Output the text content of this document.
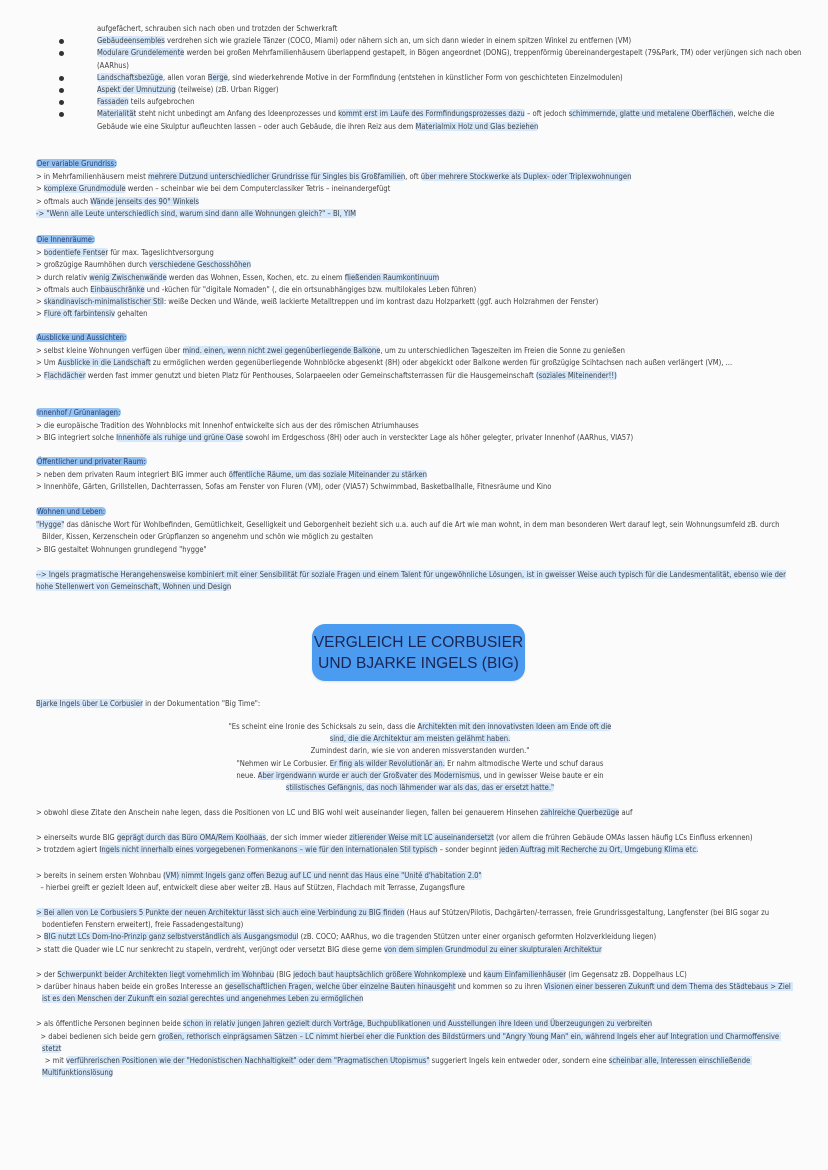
aufgefächert, schrauben sich nach oben und trotzden der Schwerkraft
Gebäudeensembles verdrehen sich wie graziele Tänzer (COCO, Miami) oder nähern sich an, um sich dann wieder in einem spitzen Winkel zu entfernen (VM)
Modulare Grundelemente werden bei großen Mehrfamilienhäusern überlappend gestapelt, in Bögen angeordnet (DONG), treppenförmig übereinandergestapelt (79&Park, TM) oder verjüngen sich nach oben (AARhus)
Landschaftsbezüge, allen voran Berge, sind wiederkehrende Motive in der Formfindung (entstehen in künstlicher Form von geschichteten Einzelmodulen)
Aspekt der Umnutzung (teilweise) (zB. Urban Rigger)
Fassaden teils aufgebrochen
Materialität steht nicht unbedingt am Anfang des Ideenprozesses und kommt erst im Laufe des Formfindungsprozesses dazu – oft jedoch schimmernde, glatte und metalene Oberflächen, welche die Gebäude wie eine Skulptur aufleuchten lassen – oder auch Gebäude, die ihren Reiz aus dem Materialmix Holz und Glas beziehen
Der variable Grundriss:
> in Mehrfamilienhäusern meist mehrere Dutzund unterschiedlicher Grundrisse für Singles bis Großfamilien, oft über mehrere Stockwerke als Duplex- oder Triplexwohnungen
> komplexe Grundmodule werden – scheinbar wie bei dem Computerclassiker Tetris – ineinandergefügt
> oftmals auch Wände jenseits des 90° Winkels
-> "Wenn alle Leute unterschiedlich sind, warum sind dann alle Wohnungen gleich?" – BI, YIM
Die Innenräume:
> bodentiefe Fentser für max. Tageslichtversorgung
> großzügige Raumhöhen durch verschiedene Geschosshöhen
> durch relativ wenig Zwischenwände werden das Wohnen, Essen, Kochen, etc. zu einem fließenden Raumkontinuum
> oftmals auch Einbauschränke und -küchen für "digitale Nomaden" (, die ein ortsunabhängiges bzw. multilokales Leben führen)
> skandinavisch-minimalistischer Stil: weiße Decken und Wände, weiß lackierte Metalltreppen und im kontrast dazu Holzparkett (ggf. auch Holzrahmen der Fenster)
> Flure oft farbintensiv gehalten
Ausblicke und Aussichten:
> selbst kleine Wohnungen verfügen über mind. einen, wenn nicht zwei gegenüberliegende Balkone, um zu unterschiedlichen Tageszeiten im Freien die Sonne zu genießen
> Um Ausblicke in die Landschaft zu ermöglichen werden gegenüberliegende Wohnblöcke abgesenkt (8H) oder abgekickt oder Balkone werden für großzügige Scihtachsen nach außen verlängert (VM), ...
> Flachdächer werden fast immer genutzt und bieten Platz für Penthouses, Solarpaeelen oder Gemeinschaftsterrassen für die Hausgemeinschaft (soziales Miteinender!!)
Innenhof / Grünanlagen:
> die europäische Tradition des Wohnblocks mit Innenhof entwickelte sich aus der des römischen Atriumhauses
> BIG integriert solche Innenhöfe als ruhige und grüne Oase sowohl im Erdgeschoss (8H) oder auch in versteckter Lage als höher gelegter, privater Innenhof (AARhus, VIA57)
Öffentlicher und privater Raum:
> neben dem privaten Raum integriert BIG immer auch öffentliche Räume, um das soziale Miteinander zu stärken
> Innenhöfe, Gärten, Grillstellen, Dachterrassen, Sofas am Fenster von Fluren (VM), oder (VIA57) Schwimmbad, Basketballhalle, Fitnesräume und Kino
Wohnen und Leben:
"Hygge" das dänische Wort für Wohlbefinden, Gemütlichkeit, Geselligkeit und Geborgenheit bezieht sich u.a. auch auf die Art wie man wohnt, in dem man besonderen Wert darauf legt, sein Wohnungsumfeld zB. durch Bilder, Kissen, Kerzenschein oder Grüpflanzen so angenehm und schön wie möglich zu gestalten
> BIG gestaltet Wohnungen grundlegend "hygge"
--> Ingels pragmatische Herangehensweise kombiniert mit einer Sensibilität für soziale Fragen und einem Talent für ungewöhnliche Lösungen, ist in gweisser Weise auch typisch für die Landesmentalität, ebenso wie der hohe Stellenwert von Gemeinschaft, Wohnen und Design
VERGLEICH LE CORBUSIER
UND BJARKE INGELS (BIG)
Bjarke Ingels über Le Corbusier in der Dokumentation "Big Time":
"Es scheint eine Ironie des Schicksals zu sein, dass die Architekten mit den innovativsten Ideen am Ende oft die
sind, die die Architektur am meisten gelähmt haben.
Zumindest darin, wie sie von anderen missverstanden wurden."
"Nehmen wir Le Corbusier. Er fing als wilder Revolutionär an. Er nahm altmodische Werte und schuf daraus
neue. Aber irgendwann wurde er auch der Großvater des Modernismus, und in gewisser Weise baute er ein
stilistisches Gefängnis, das noch lähmender war als das, das er ersetzt hatte."
> obwohl diese Zitate den Anschein nahe legen, dass die Positionen von LC und BIG wohl weit auseinander liegen, fallen bei genauerem Hinsehen zahlreiche Querbezüge auf
> einerseits wurde BIG geprägt durch das Büro OMA/Rem Koolhaas, der sich immer wieder zitierender Weise mit LC auseinandersetzt (vor allem die frühren Gebäude OMAs lassen häufig LCs Einfluss erkennen)
> trotzdem agiert Ingels nicht innerhalb eines vorgegebenen Formenkanons – wie für den internationalen Stil typisch – sonder beginnt jeden Auftrag mit Recherche zu Ort, Umgebung Klima etc.
> bereits in seinem ersten Wohnbau (VM) nimmt Ingels ganz offen Bezug auf LC und nennt das Haus eine "Unité d'habitation 2.0"
– hierbei greift er gezielt Ideen auf, entwickelt diese aber weiter zB. Haus auf Stützen, Flachdach mit Terrasse, Zugangsflure
> Bei allen von Le Corbusiers 5 Punkte der neuen Architektur lässt sich auch eine Verbindung zu BIG finden (Haus auf Stützen/Pilotis, Dachgärten/-terrassen, freie Grundrissgestaltung, Langfenster (bei BIG sogar zu bodentiefen Fenstern erweitert), freie Fassadengestaltung)
> BIG nutzt LCs Dom-Ino-Prinzip ganz selbstverständlich als Ausgangsmodul (zB. COCO; AARhus, wo die tragenden Stützen unter einer organisch geformten Holzverkleidung liegen)
> statt die Quader wie LC nur senkrecht zu stapeln, verdreht, verjüngt oder versetzt BIG diese gerne von dem simplen Grundmodul zu einer skulpturalen Architektur
> der Schwerpunkt beider Architekten liegt vornehmlich im Wohnbau (BIG jedoch baut hauptsächlich größere Wohnkomplexe und kaum Einfamilienhäuser (im Gegensatz zB. Doppelhaus LC)
> darüber hinaus haben beide ein großes Interesse an gesellschaftlichen Fragen, welche über einzelne Bauten hinausgeht und kommen so zu ihren Visionen einer besseren Zukunft und dem Thema des Städtebaus > Ziel ist es den Menschen der Zukunft ein sozial gerechtes und angenehmes Leben zu ermöglichen
> als öffentliche Personen beginnen beide schon in relativ jungen Jahren gezielt durch Vorträge, Buchpublikationen und Ausstellungen ihre Ideen und Überzeugungen zu verbreiten
> dabei bedienen sich beide gern großen, rethorisch einprägsamen Sätzen – LC nimmt hierbei eher die Funktion des Bildstürmers und "Angry Young Man" ein, während Ingels eher auf Integration und Charmoffensive stetzt
> mit verführerischen Positionen wie der "Hedonistischen Nachhaltigkeit" oder dem "Pragmatischen Utopismus" suggeriert Ingels kein entweder oder, sondern eine scheinbar alle, Interessen einschließende Multifunktionslösung
